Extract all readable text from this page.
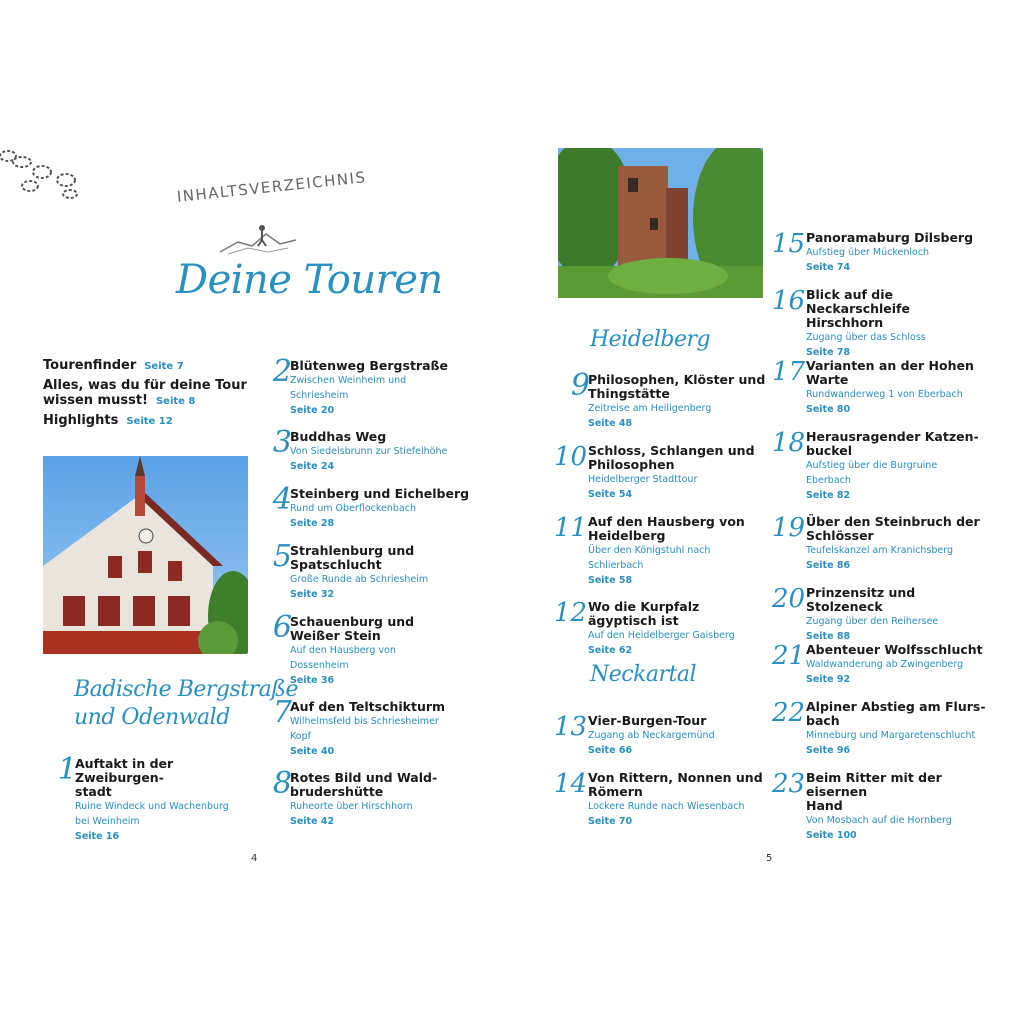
INHALTSVERZEICHNIS
Deine Touren
Tourenfinder Seite 7
Alles, was du für deine Tour
wissen musst! Seite 8
Highlights Seite 12
Badische Bergstraße
und Odenwald
Heidelberg
Neckartal
1
Auftakt in der Zweiburgen-
stadt
Ruine Windeck und Wachenburg
bei Weinheim
Seite 16
2
Blütenweg Bergstraße
Zwischen Weinheim und
Schriesheim
Seite 20
3
Buddhas Weg
Von Siedelsbrunn zur Stiefelhöhe
Seite 24
4
Steinberg und Eichelberg
Rund um Oberflockenbach
Seite 28
5
Strahlenburg und
Spatschlucht
Große Runde ab Schriesheim
Seite 32
6
Schauenburg und
Weißer Stein
Auf den Hausberg von
Dossenheim
Seite 36
7
Auf den Teltschikturm
Wilhelmsfeld bis Schriesheimer
Kopf
Seite 40
8
Rotes Bild und Wald-
brudershütte
Ruheorte über Hirschhorn
Seite 42
9
Philosophen, Klöster und
Thingstätte
Zeitreise am Heiligenberg
Seite 48
10 Schloss, Schlangen und
Philosophen
Heidelberger Stadttour
Seite 54
11 Auf den Hausberg von
Heidelberg
Über den Königstuhl nach
Schlierbach
Seite 58
12 Wo die Kurpfalz ägyptisch ist
Auf den Heidelberger Gaisberg
Seite 62
13 Vier-Burgen-Tour
Zugang ab Neckargemünd
Seite 66
14 Von Rittern, Nonnen und
Römern
Lockere Runde nach Wiesenbach
Seite 70
15 Panoramaburg Dilsberg
Aufstieg über Mückenloch
Seite 74
16 Blick auf die Neckarschleife
Hirschhorn
Zugang über das Schloss
Seite 78
17 Varianten an der Hohen
Warte
Rundwanderweg 1 von Eberbach
Seite 80
18 Herausragender Katzen-
buckel
Aufstieg über die Burgruine
Eberbach
Seite 82
19 Über den Steinbruch der
Schlösser
Teufelskanzel am Kranichsberg
Seite 86
20 Prinzensitz und Stolzeneck
Zugang über den Reihersee
Seite 88
21 Abenteuer Wolfsschlucht
Waldwanderung ab Zwingenberg
Seite 92
22 Alpiner Abstieg am Flurs-
bach
Minneburg und Margaretenschlucht
Seite 96
23 Beim Ritter mit der eisernen
Hand
Von Mosbach auf die Hornberg
Seite 100
4	5
